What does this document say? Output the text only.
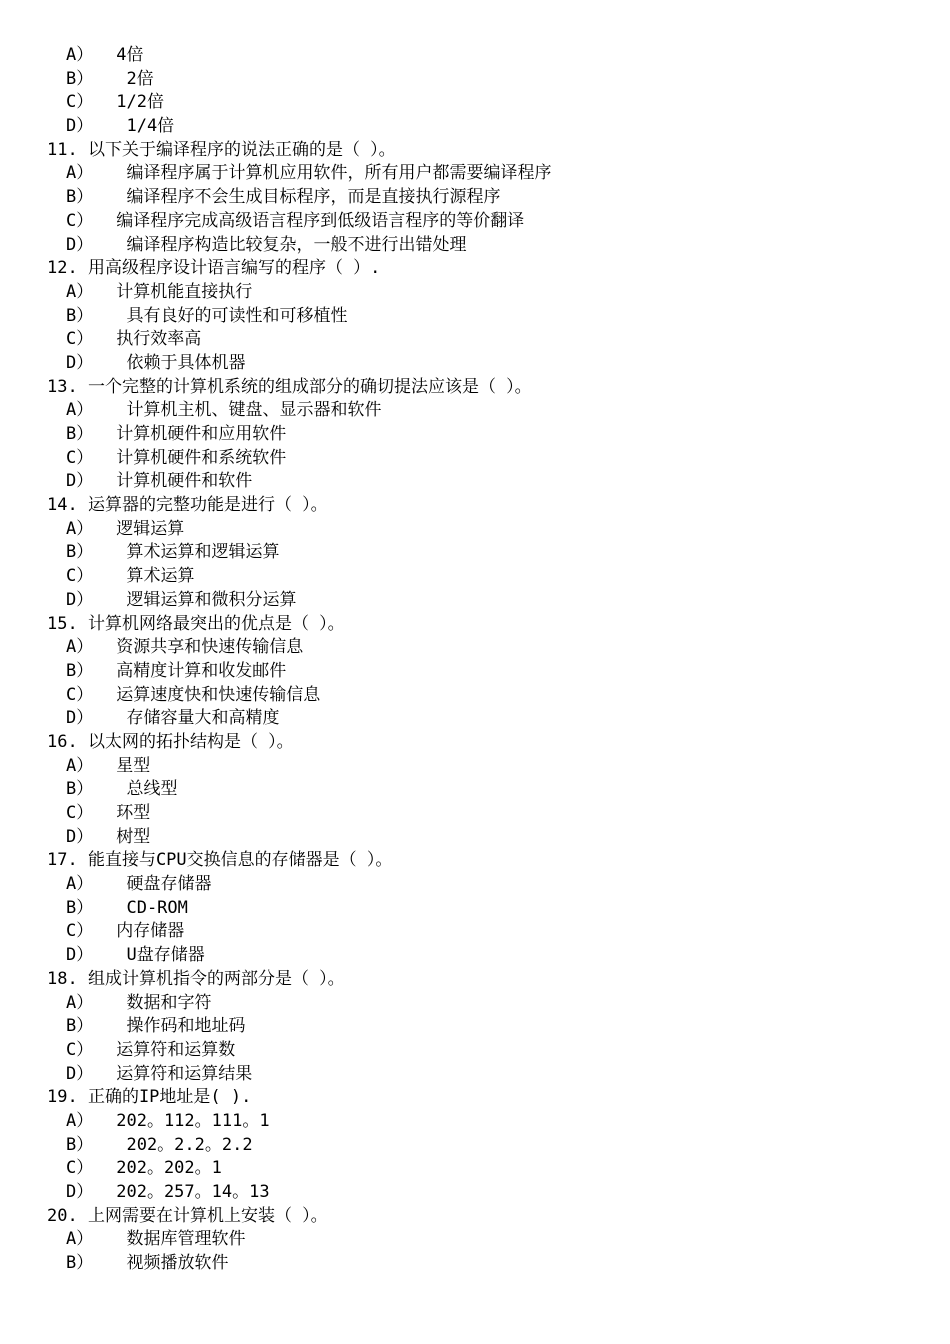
A） 4倍
B）  2倍
C） 1/2倍
D）  1/4倍
11. 以下关于编译程序的说法正确的是（ ）。
A）  编译程序属于计算机应用软件，所有用户都需要编译程序
B）  编译程序不会生成目标程序，而是直接执行源程序
C） 编译程序完成高级语言程序到低级语言程序的等价翻译
D）  编译程序构造比较复杂，一般不进行出错处理
12. 用高级程序设计语言编写的程序（ ）.
A） 计算机能直接执行
B）  具有良好的可读性和可移植性
C） 执行效率高
D）  依赖于具体机器
13. 一个完整的计算机系统的组成部分的确切提法应该是（ ）。
A）  计算机主机、键盘、显示器和软件
B） 计算机硬件和应用软件
C） 计算机硬件和系统软件
D） 计算机硬件和软件
14. 运算器的完整功能是进行（ ）。
A） 逻辑运算
B）  算术运算和逻辑运算
C）  算术运算
D）  逻辑运算和微积分运算
15. 计算机网络最突出的优点是（ ）。
A） 资源共享和快速传输信息
B） 高精度计算和收发邮件
C） 运算速度快和快速传输信息
D）  存储容量大和高精度
16. 以太网的拓扑结构是（ ）。
A） 星型
B）  总线型
C） 环型
D） 树型
17. 能直接与CPU交换信息的存储器是（ ）。
A）  硬盘存储器
B）  CD-ROM
C） 内存储器
D）  U盘存储器
18. 组成计算机指令的两部分是（ ）。
A）  数据和字符
B）  操作码和地址码
C） 运算符和运算数
D） 运算符和运算结果
19. 正确的IP地址是( ).
A） 202。112。111。1
B）  202。2.2。2.2
C） 202。202。1
D） 202。257。14。13
20. 上网需要在计算机上安装（ ）。
A）  数据库管理软件
B）  视频播放软件
